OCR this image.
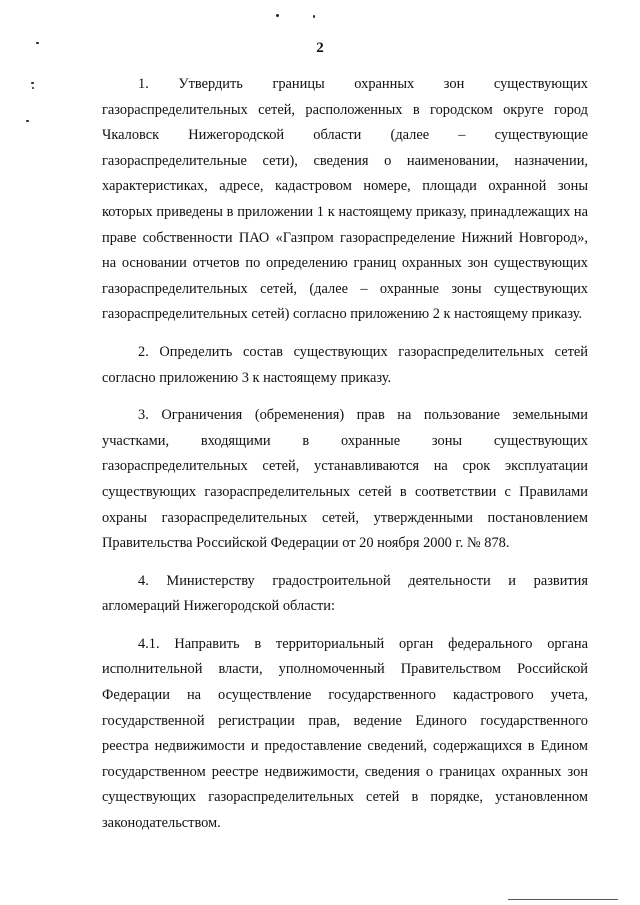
2

1. Утвердить границы охранных зон существующих газораспределительных сетей, расположенных в городском округе город Чкаловск Нижегородской области (далее – существующие газораспределительные сети), сведения о наименовании, назначении, характеристиках, адресе, кадастровом номере, площади охранной зоны которых приведены в приложении 1 к настоящему приказу, принадлежащих на праве собственности ПАО «Газпром газораспределение Нижний Новгород», на основании отчетов по определению границ охранных зон существующих газораспределительных сетей, (далее – охранные зоны существующих газораспределительных сетей) согласно приложению 2 к настоящему приказу.

2. Определить состав существующих газораспределительных сетей согласно приложению 3 к настоящему приказу.

3. Ограничения (обременения) прав на пользование земельными участками, входящими в охранные зоны существующих газораспределительных сетей, устанавливаются на срок эксплуатации существующих газораспределительных сетей в соответствии с Правилами охраны газораспределительных сетей, утвержденными постановлением Правительства Российской Федерации от 20 ноября 2000 г. № 878.

4. Министерству градостроительной деятельности и развития агломераций Нижегородской области:

4.1. Направить в территориальный орган федерального органа исполнительной власти, уполномоченный Правительством Российской Федерации на осуществление государственного кадастрового учета, государственной регистрации прав, ведение Единого государственного реестра недвижимости и предоставление сведений, содержащихся в Едином государственном реестре недвижимости, сведения о границах охранных зон существующих газораспределительных сетей в порядке, установленном законодательством.
